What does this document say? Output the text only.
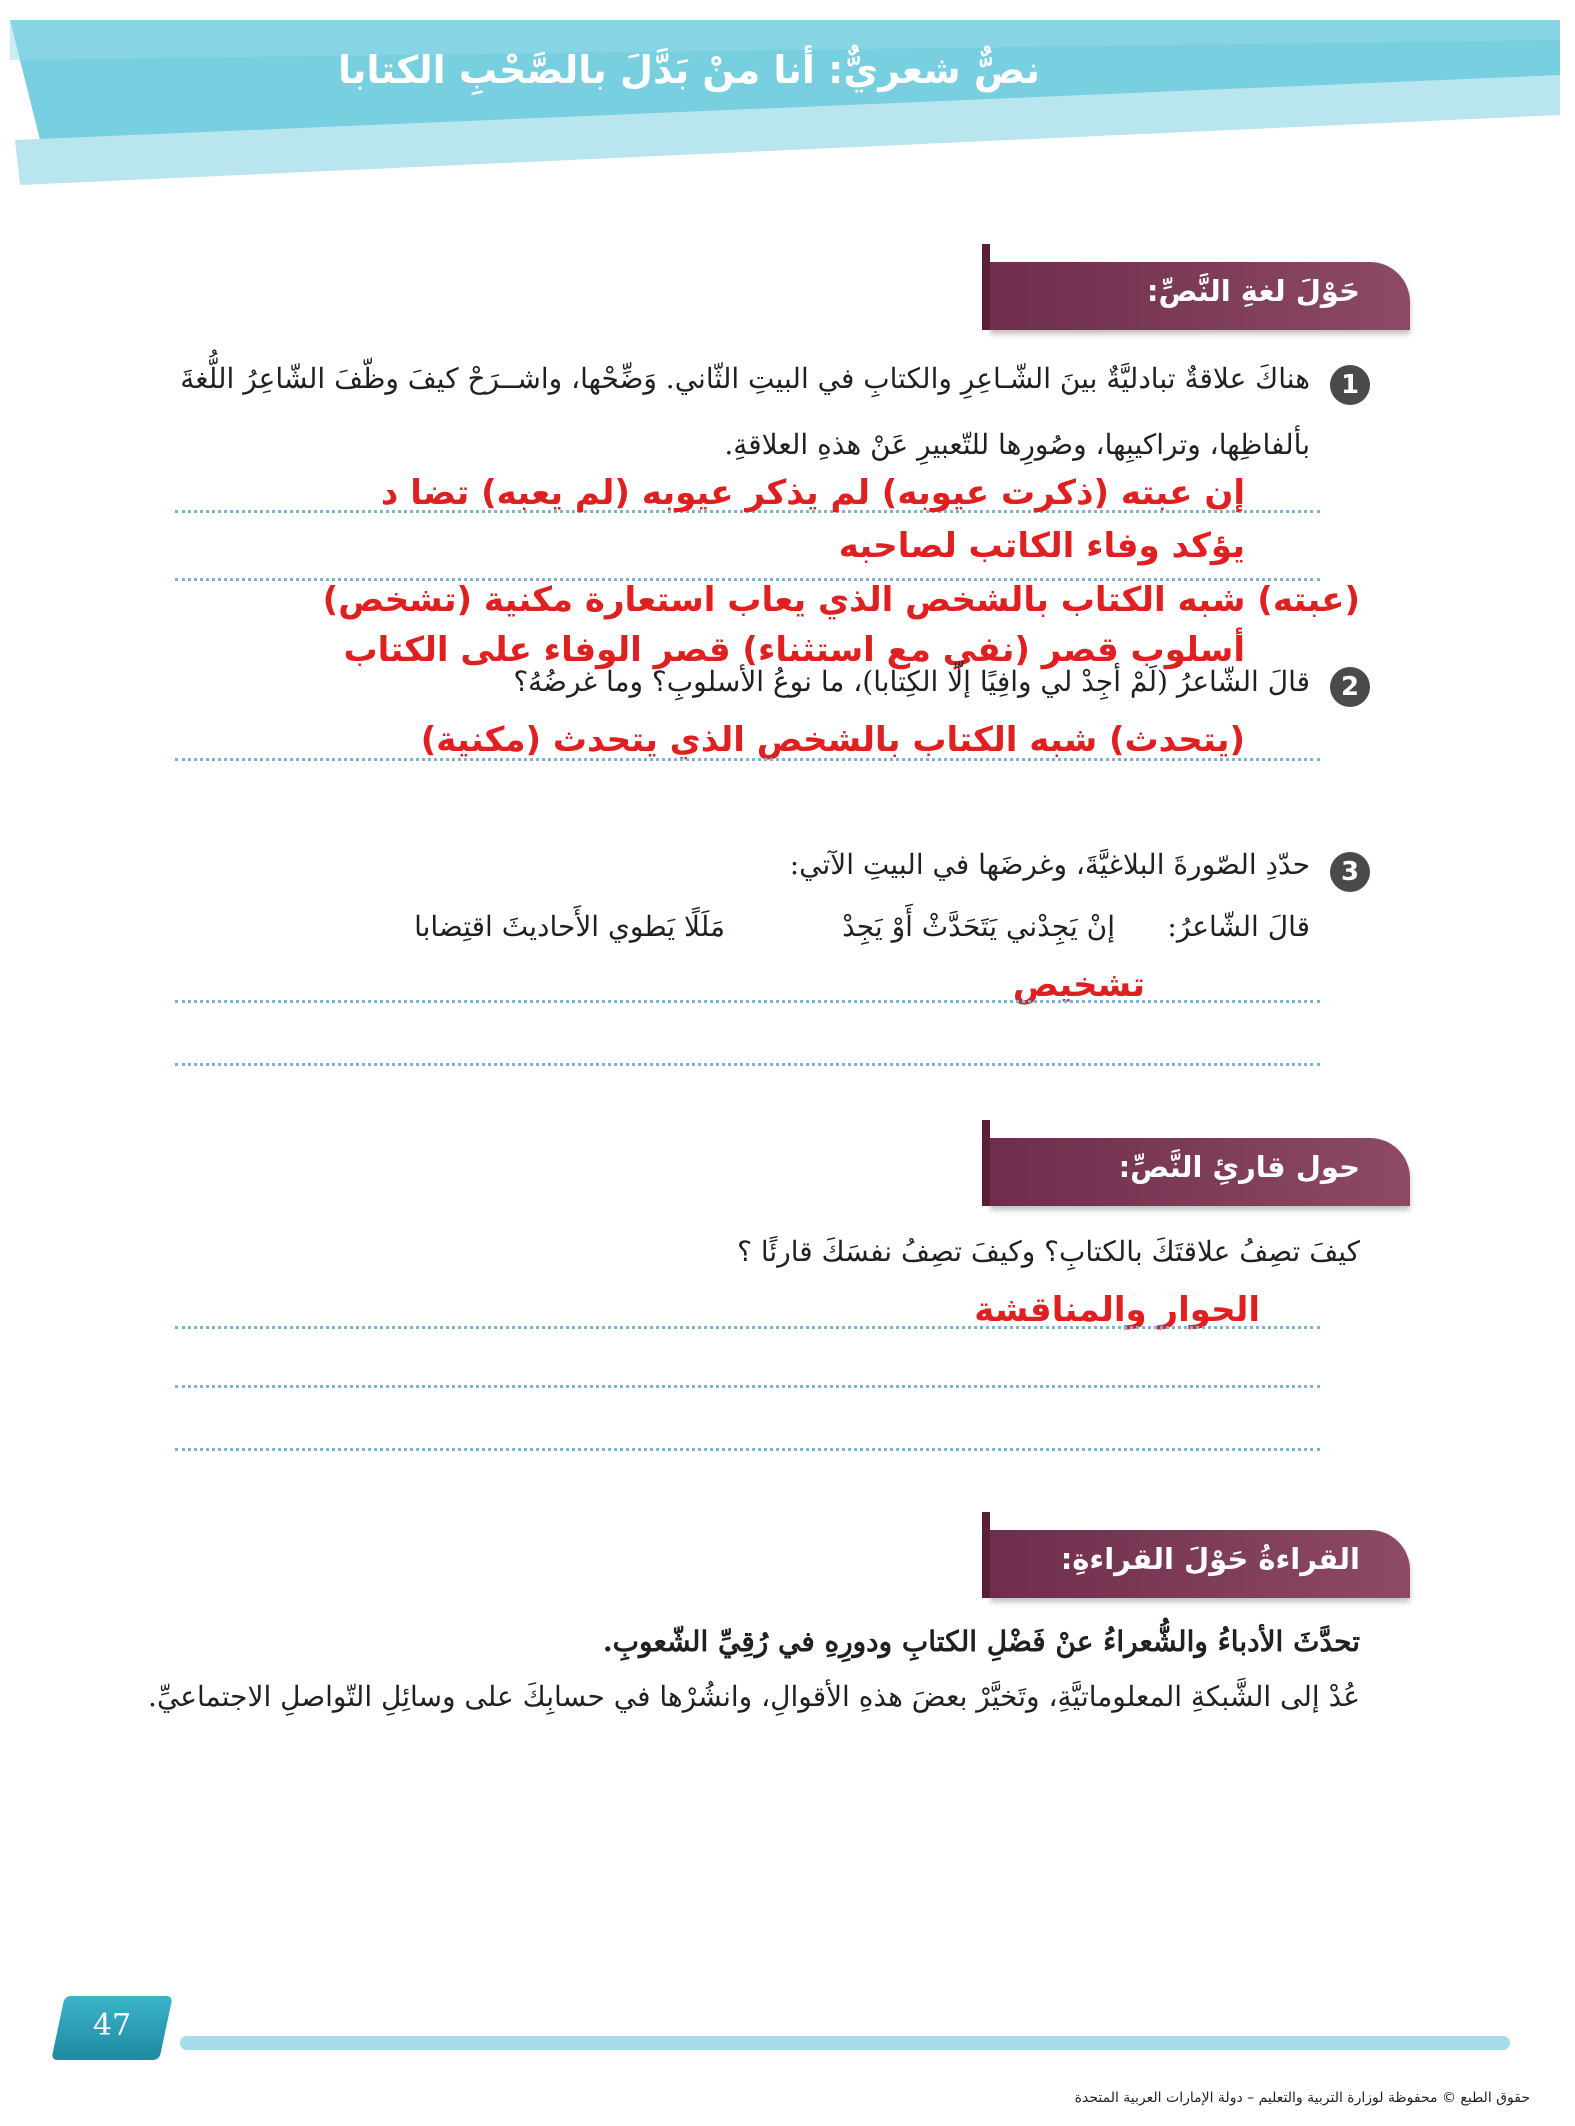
نصٌّ شعريٌّ: أنا منْ بَدَّلَ بالصَّحْبِ الكتابا
حَوْلَ لغةِ النَّصِّ:
1
هناكَ علاقةٌ تبادليَّةٌ بينَ الشّـاعِرِ والكتابِ في البيتِ الثّاني. وَضِّحْها، واشــرَحْ كيفَ وظّفَ الشّاعِرُ اللُّغةَ
بألفاظِها، وتراكيبِها، وصُورِها للتّعبيرِ عَنْ هذهِ العلاقةِ.
إن عبته (ذكرت عيوبه) لم يذكر عيوبه (لم يعبه) تضا د
يؤكد وفاء الكاتب لصاحبه
(عبته) شبه الكتاب بالشخص الذي يعاب استعارة مكنية (تشخص)
أسلوب قصر (نفي مع استثناء) قصر الوفاء على الكتاب
2
قالَ الشّاعرُ (لَمْ أجِدْ لي وافِيًا إلّا الكِتابا)، ما نوعُ الأسلوبِ؟ وما غرضُهُ؟
(يتحدث) شبه الكتاب بالشخص الذي يتحدث (مكنية)
3
حدّدِ الصّورةَ البلاغيَّةَ، وغرضَها في البيتِ الآتي:
قالَ الشّاعرُ:
إنْ يَجِدْني يَتَحَدَّثْ أَوْ يَجِدْ
مَلَلًا يَطوي الأَحاديثَ اقتِضابا
تشخيص
حول قارئِ النَّصِّ:
كيفَ تصِفُ علاقتَكَ بالكتابِ؟ وكيفَ تصِفُ نفسَكَ قارئًا ؟
الحوار والمناقشة
القراءةُ حَوْلَ القراءةِ:
تحدَّثَ الأدباءُ والشُّعراءُ عنْ فَضْلِ الكتابِ ودورِهِ في رُقِيِّ الشّعوبِ.
عُدْ إلى الشَّبكةِ المعلوماتيَّةِ، وتَخيَّرْ بعضَ هذهِ الأقوالِ، وانشُرْها في حسابِكَ على وسائِلِ التّواصلِ الاجتماعيِّ.
47
حقوق الطبع © محفوظة لوزارة التربية والتعليم – دولة الإمارات العربية المتحدة
